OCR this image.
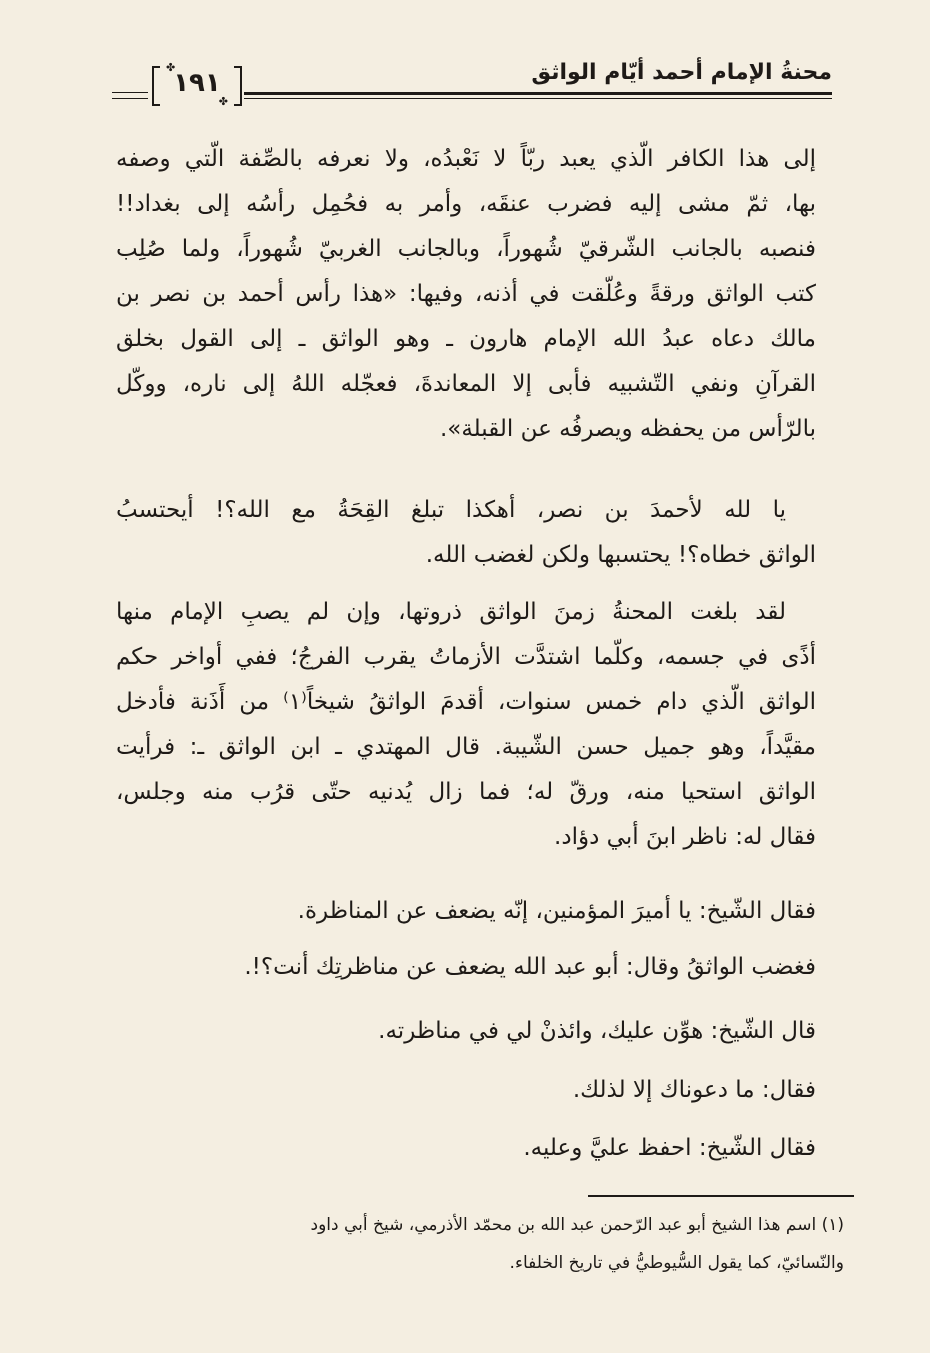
محنةُ الإمام أحمد أيّام الواثق
✤
✤
١٩١
إلى هذا الكافر الّذي يعبد ربّاً لا نَعْبدُه، ولا نعرفه بالصِّفة الّتي وصفه
بها، ثمّ مشى إليه فضرب عنقَه، وأمر به فحُمِل رأسُه إلى بغداد!!
فنصبه بالجانب الشّرقيّ شُهوراً، وبالجانب الغربيّ شُهوراً، ولما صُلِب
كتب الواثق ورقةً وعُلّقت في أذنه، وفيها: «هذا رأس أحمد بن نصر بن
مالك دعاه عبدُ الله الإمام هارون ـ وهو الواثق ـ إلى القول بخلق
القرآنِ ونفي التّشبيه فأبى إلا المعاندةَ، فعجّله اللهُ إلى ناره، ووكّل
بالرّأس من يحفظه ويصرفُه عن القبلة».
يا لله لأحمدَ بن نصر، أهكذا تبلغ القِحَةُ مع الله؟! أيحتسبُ
الواثق خطاه؟! يحتسبها ولكن لغضب الله.
لقد بلغت المحنةُ زمنَ الواثق ذروتها، وإن لم يصبِ الإمام منها
أذًى في جسمه، وكلّما اشتدَّت الأزماتُ يقرب الفرجُ؛ ففي أواخر حكم
الواثق الّذي دام خمس سنوات، أقدمَ الواثقُ شيخاً⁽١⁾ من أَذَنة فأدخل
مقيَّداً، وهو جميل حسن الشّيبة. قال المهتدي ـ ابن الواثق ـ: فرأيت
الواثق استحيا منه، ورقّ له؛ فما زال يُدنيه حتّى قرُب منه وجلس،
فقال له: ناظر ابنَ أبي دؤاد.
فقال الشّيخ: يا أميرَ المؤمنين، إنّه يضعف عن المناظرة.
فغضب الواثقُ وقال: أبو عبد الله يضعف عن مناظرتِك أنت؟!.
قال الشّيخ: هوِّن عليك، وائذنْ لي في مناظرته.
فقال: ما دعوناك إلا لذلك.
فقال الشّيخ: احفظ عليَّ وعليه.
(١) اسم هذا الشيخ أبو عبد الرّحمن عبد الله بن محمّد الأذرمي، شيخ أبي داود
والنّسائيّ، كما يقول السُّيوطيُّ في تاريخ الخلفاء.
